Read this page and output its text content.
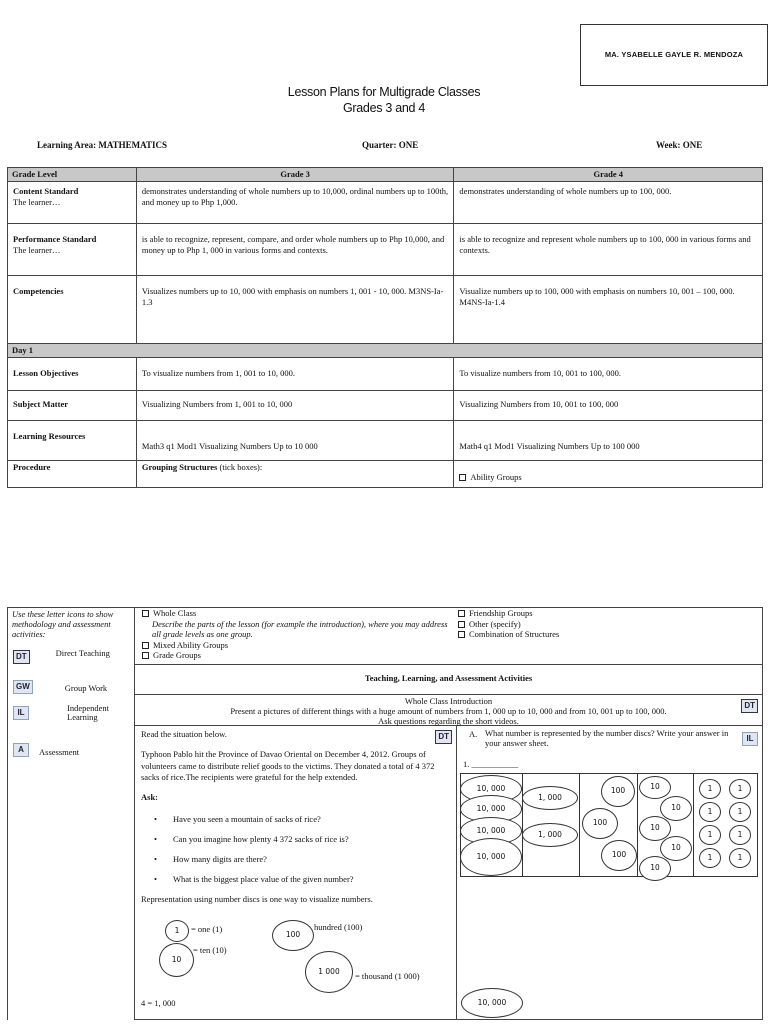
MA. YSABELLE GAYLE R. MENDOZA
Lesson Plans for Multigrade Classes
Grades 3 and 4
Learning Area: MATHEMATICS	Quarter: ONE	Week: ONE
Grade Level	Grade 3	Grade 4

Content Standard
The learner…	demonstrates understanding of whole numbers up to 10,000, ordinal numbers up to 100th, and money up to Php 1,000.	demonstrates understanding of whole numbers up to 100, 000.

Performance Standard
The learner…	is able to recognize, represent, compare, and order whole numbers up to Php 10,000, and money up to Php 1, 000 in various forms and contexts.	is able to recognize and represent whole numbers up to 100, 000 in various forms and contexts.
Competencies	Visualizes numbers up to 10, 000 with emphasis on numbers 1, 001 - 10, 000. M3NS-Ia-1.3	Visualize numbers up to 100, 000 with emphasis on numbers 10, 001 – 100, 000. M4NS-Ia-1.4
Day 1		
Lesson Objectives	To visualize numbers from 1, 001 to 10, 000.	To visualize numbers from 10, 001 to 100, 000.
Subject Matter	Visualizing Numbers from 1, 001 to 10, 000	Visualizing Numbers from 10, 001 to 100, 000
Learning Resources	Math3 q1 Mod1 Visualizing Numbers Up to 10 000	Math4 q1 Mod1 Visualizing Numbers Up to 100 000
Procedure	Grouping Structures (tick boxes):	Ability Groups
Use these letter icons to show methodology and assessment activities:
DT	Direct Teaching
GW	Group Work
IL	Independent Learning
A	Assessment
Whole Class
Describe the parts of the lesson (for example the introduction), where you may address all grade levels as one group.
Mixed Ability Groups
Grade Groups
Friendship Groups
Other (specify)
Combination of Structures
Teaching, Learning, and Assessment Activities
Whole Class Introduction
Present a pictures of different things with a huge amount of numbers from 1, 000 up to 10, 000 and from 10, 001 up to 100, 000.
Ask questions regarding the short videos.
DT
Read the situation below.	DT
Typhoon Pablo hit the Province of Davao Oriental on December 4, 2012. Groups of volunteers came to distribute relief goods to the victims. They donated a total of 4 372 sacks of rice.The recipients were grateful for the help extended.
Ask:
• Have you seen a mountain of sacks of rice?
• Can you imagine how plenty 4 372 sacks of rice is?
• How many digits are there?
• What is the biggest place value of the given number?
Representation using number discs is one way to visualize numbers.
1	= one (1)
10
= ten (10)
100
hundred (100)
1 000	= thousand (1 000)
4 = 1, 000
A. What number is represented by the number discs? Write your answer in your answer sheet.	IL
1. ___________
10, 000
10, 000
10, 000
10, 000
1, 000
1, 000
100
100
100
10
10
10
10
10
1	1
1	1
1	1
1	1
10, 000
